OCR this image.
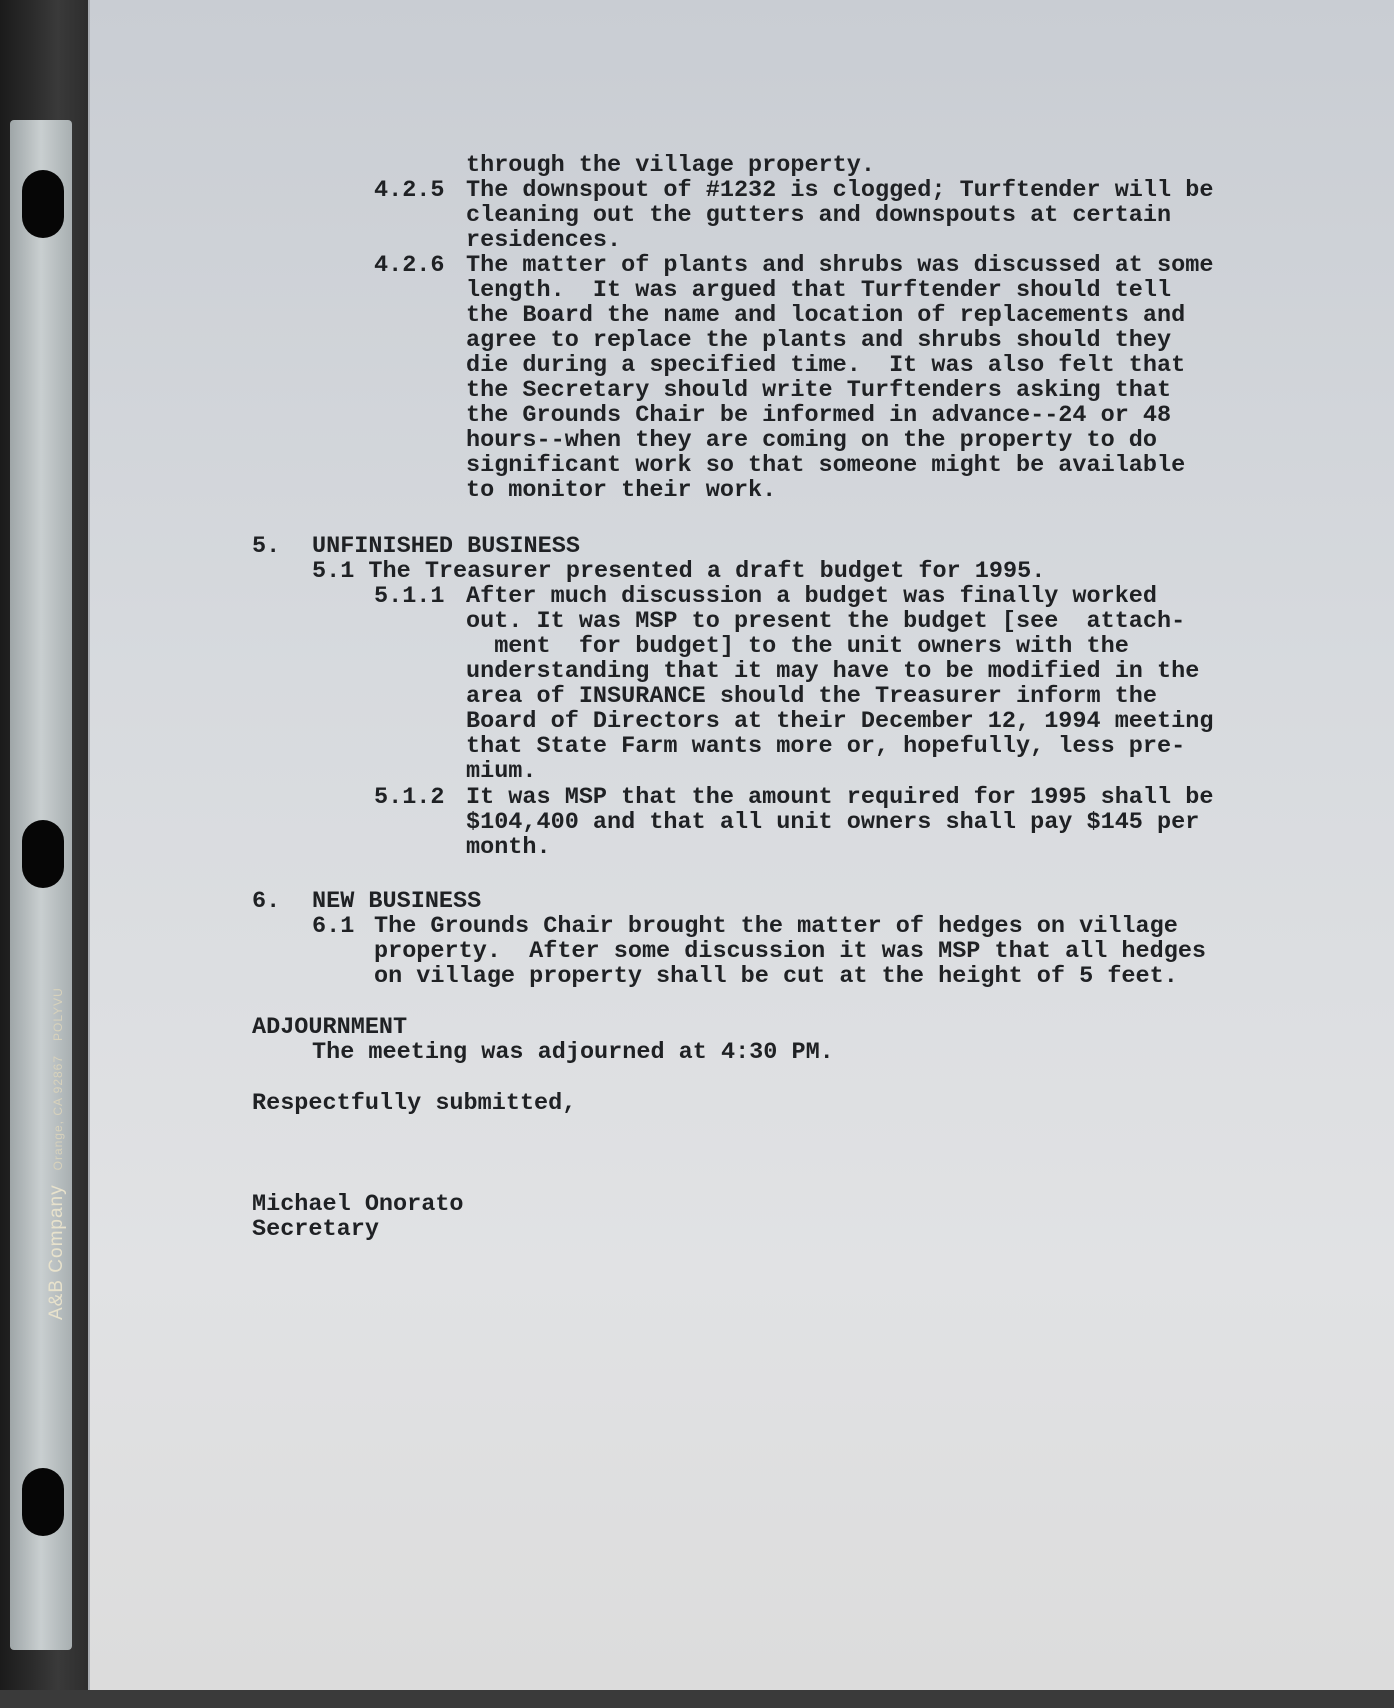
A&B CompanyOrange, CA 92867POLYVU
through the village property.
4.2.5 The downspout of #1232 is clogged; Turftender will be
cleaning out the gutters and downspouts at certain
residences.
4.2.6 The matter of plants and shrubs was discussed at some
length.  It was argued that Turftender should tell
the Board the name and location of replacements and
agree to replace the plants and shrubs should they
die during a specified time.  It was also felt that
the Secretary should write Turftenders asking that
the Grounds Chair be informed in advance--24 or 48
hours--when they are coming on the property to do
significant work so that someone might be available
to monitor their work.
5. UNFINISHED BUSINESS
5.1 The Treasurer presented a draft budget for 1995.
5.1.1 After much discussion a budget was finally worked
out. It was MSP to present the budget [see  attach-
ment  for budget] to the unit owners with the
understanding that it may have to be modified in the
area of INSURANCE should the Treasurer inform the
Board of Directors at their December 12, 1994 meeting
that State Farm wants more or, hopefully, less pre-
mium.
5.1.2 It was MSP that the amount required for 1995 shall be
$104,400 and that all unit owners shall pay $145 per
month.
6. NEW BUSINESS
6.1 The Grounds Chair brought the matter of hedges on village
property.  After some discussion it was MSP that all hedges
on village property shall be cut at the height of 5 feet.
ADJOURNMENT
The meeting was adjourned at 4:30 PM.
Respectfully submitted,
Michael Onorato
Secretary
